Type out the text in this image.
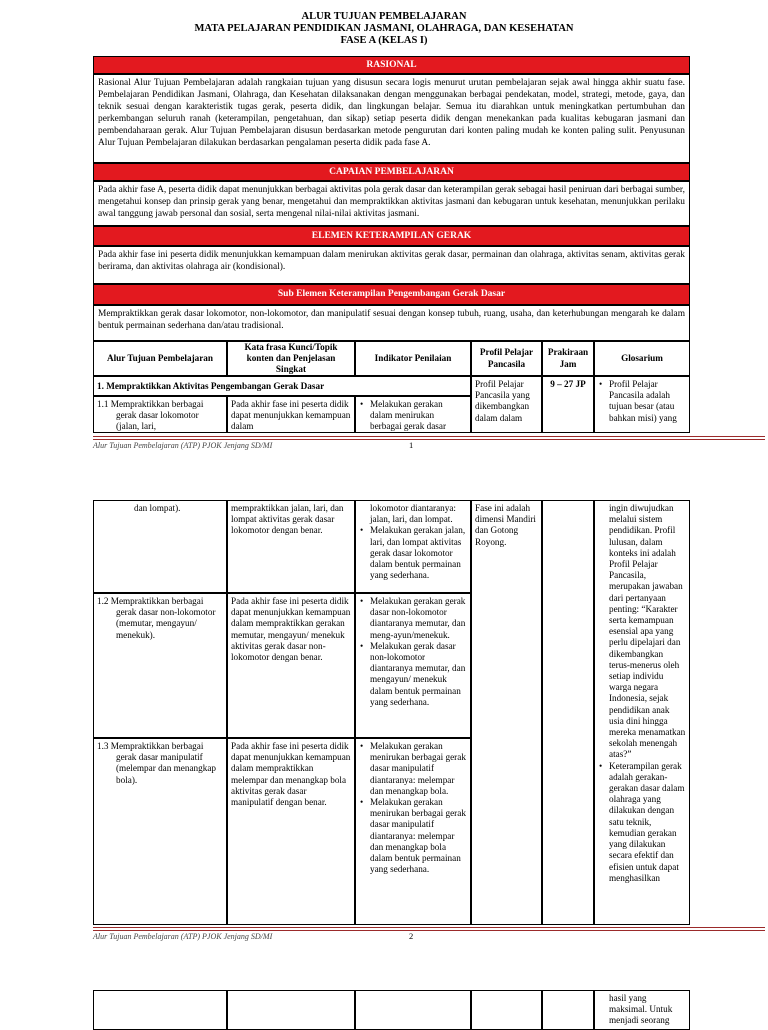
ALUR TUJUAN PEMBELAJARAN
MATA PELAJARAN PENDIDIKAN JASMANI, OLAHRAGA, DAN KESEHATAN
FASE A (KELAS I)
RASIONAL
Rasional Alur Tujuan Pembelajaran adalah rangkaian tujuan yang disusun secara logis menurut urutan pembelajaran sejak awal hingga akhir suatu fase. Pembelajaran Pendidikan Jasmani, Olahraga, dan Kesehatan dilaksanakan dengan menggunakan berbagai pendekatan, model, strategi, metode, gaya, dan teknik sesuai dengan karakteristik tugas gerak, peserta didik, dan lingkungan belajar. Semua itu diarahkan untuk meningkatkan pertumbuhan dan perkembangan seluruh ranah (keterampilan, pengetahuan, dan sikap) setiap peserta didik dengan menekankan pada kualitas kebugaran jasmani dan pembendaharaan gerak. Alur Tujuan Pembelajaran disusun berdasarkan metode pengurutan dari konten paling mudah ke konten paling sulit. Penyusunan Alur Tujuan Pembelajaran dilakukan berdasarkan pengalaman peserta didik pada fase A.
CAPAIAN PEMBELAJARAN
Pada akhir fase A, peserta didik dapat menunjukkan berbagai aktivitas pola gerak dasar dan keterampilan gerak sebagai hasil peniruan dari berbagai sumber, mengetahui konsep dan prinsip gerak yang benar, mengetahui dan mempraktikkan aktivitas jasmani dan kebugaran untuk kesehatan, menunjukkan perilaku awal tanggung jawab personal dan sosial, serta mengenal nilai-nilai aktivitas jasmani.
ELEMEN KETERAMPILAN GERAK
Pada akhir fase ini peserta didik menunjukkan kemampuan dalam menirukan aktivitas gerak dasar, permainan dan olahraga, aktivitas senam, aktivitas gerak berirama, dan aktivitas olahraga air (kondisional).
Sub Elemen Keterampilan Pengembangan Gerak Dasar
Mempraktikkan gerak dasar lokomotor, non-lokomotor, dan manipulatif sesuai dengan konsep tubuh, ruang, usaha, dan keterhubungan mengarah ke dalam bentuk permainan sederhana dan/atau tradisional.
Alur Tujuan Pembelajaran
Kata frasa Kunci/Topik konten dan Penjelasan Singkat
Indikator Penilaian
Profil Pelajar Pancasila
Prakiraan Jam
Glosarium
1. Mempraktikkan Aktivitas Pengembangan Gerak Dasar	Profil Pelajar Pancasila yang dikembangkan dalam dalam
9 – 27 JP
•	Profil Pelajar Pancasila adalah tujuan besar (atau bahkan misi) yang
1.1 Mempraktikkan berbagai gerak dasar lokomotor (jalan, lari,
Pada akhir fase ini peserta didik dapat menunjukkan kemampuan dalam
• Melakukan gerakan dalam menirukan berbagai gerak dasar
Alur Tujuan Pembelajaran (ATP) PJOK Jenjang SD/MI	1
dan lompat).	mempraktikkan jalan, lari, dan lompat aktivitas gerak dasar lokomotor dengan benar.
lokomotor diantaranya: jalan, lari, dan lompat.
• Melakukan gerakan jalan, lari, dan lompat aktivitas gerak dasar lokomotor dalam bentuk permainan yang sederhana.
Fase ini adalah dimensi Mandiri dan Gotong Royong.
ingin diwujudkan melalui sistem pendidikan. Profil lulusan, dalam konteks ini adalah Profil Pelajar Pancasila, merupakan jawaban dari pertanyaan penting: “Karakter serta kemampuan esensial apa yang perlu dipelajari dan dikembangkan terus-menerus oleh setiap individu warga negara Indonesia, sejak pendidikan anak usia dini hingga mereka menamatkan sekolah menengah atas?”
• Keterampilan gerak adalah gerakan-gerakan dasar dalam olahraga yang dilakukan dengan satu teknik, kemudian gerakan yang dilakukan secara efektif dan efisien untuk dapat menghasilkan
1.2 Mempraktikkan berbagai gerak dasar non-lokomotor (memutar, mengayun/ menekuk).
Pada akhir fase ini peserta didik dapat menunjukkan kemampuan dalam mempraktikkan gerakan memutar, mengayun/ menekuk aktivitas gerak dasar non-lokomotor dengan benar.
• Melakukan gerakan gerak dasar non-lokomotor diantaranya memutar, dan meng-ayun/menekuk.
• Melakukan gerak dasar non-lokomotor diantaranya memutar, dan mengayun/ menekuk dalam bentuk permainan yang sederhana.
1.3 Mempraktikkan berbagai gerak dasar manipulatif (melempar dan menangkap bola).
Pada akhir fase ini peserta didik dapat menunjukkan kemampuan dalam mempraktikkan melempar dan menangkap bola aktivitas gerak dasar manipulatif dengan benar.
• Melakukan gerakan menirukan berbagai gerak dasar manipulatif diantaranya: melempar dan menangkap bola.
• Melakukan gerakan menirukan berbagai gerak dasar manipulatif diantaranya: melempar dan menangkap bola dalam bentuk permainan yang sederhana.
Alur Tujuan Pembelajaran (ATP) PJOK Jenjang SD/MI	2
hasil yang maksimal. Untuk menjadi seorang
